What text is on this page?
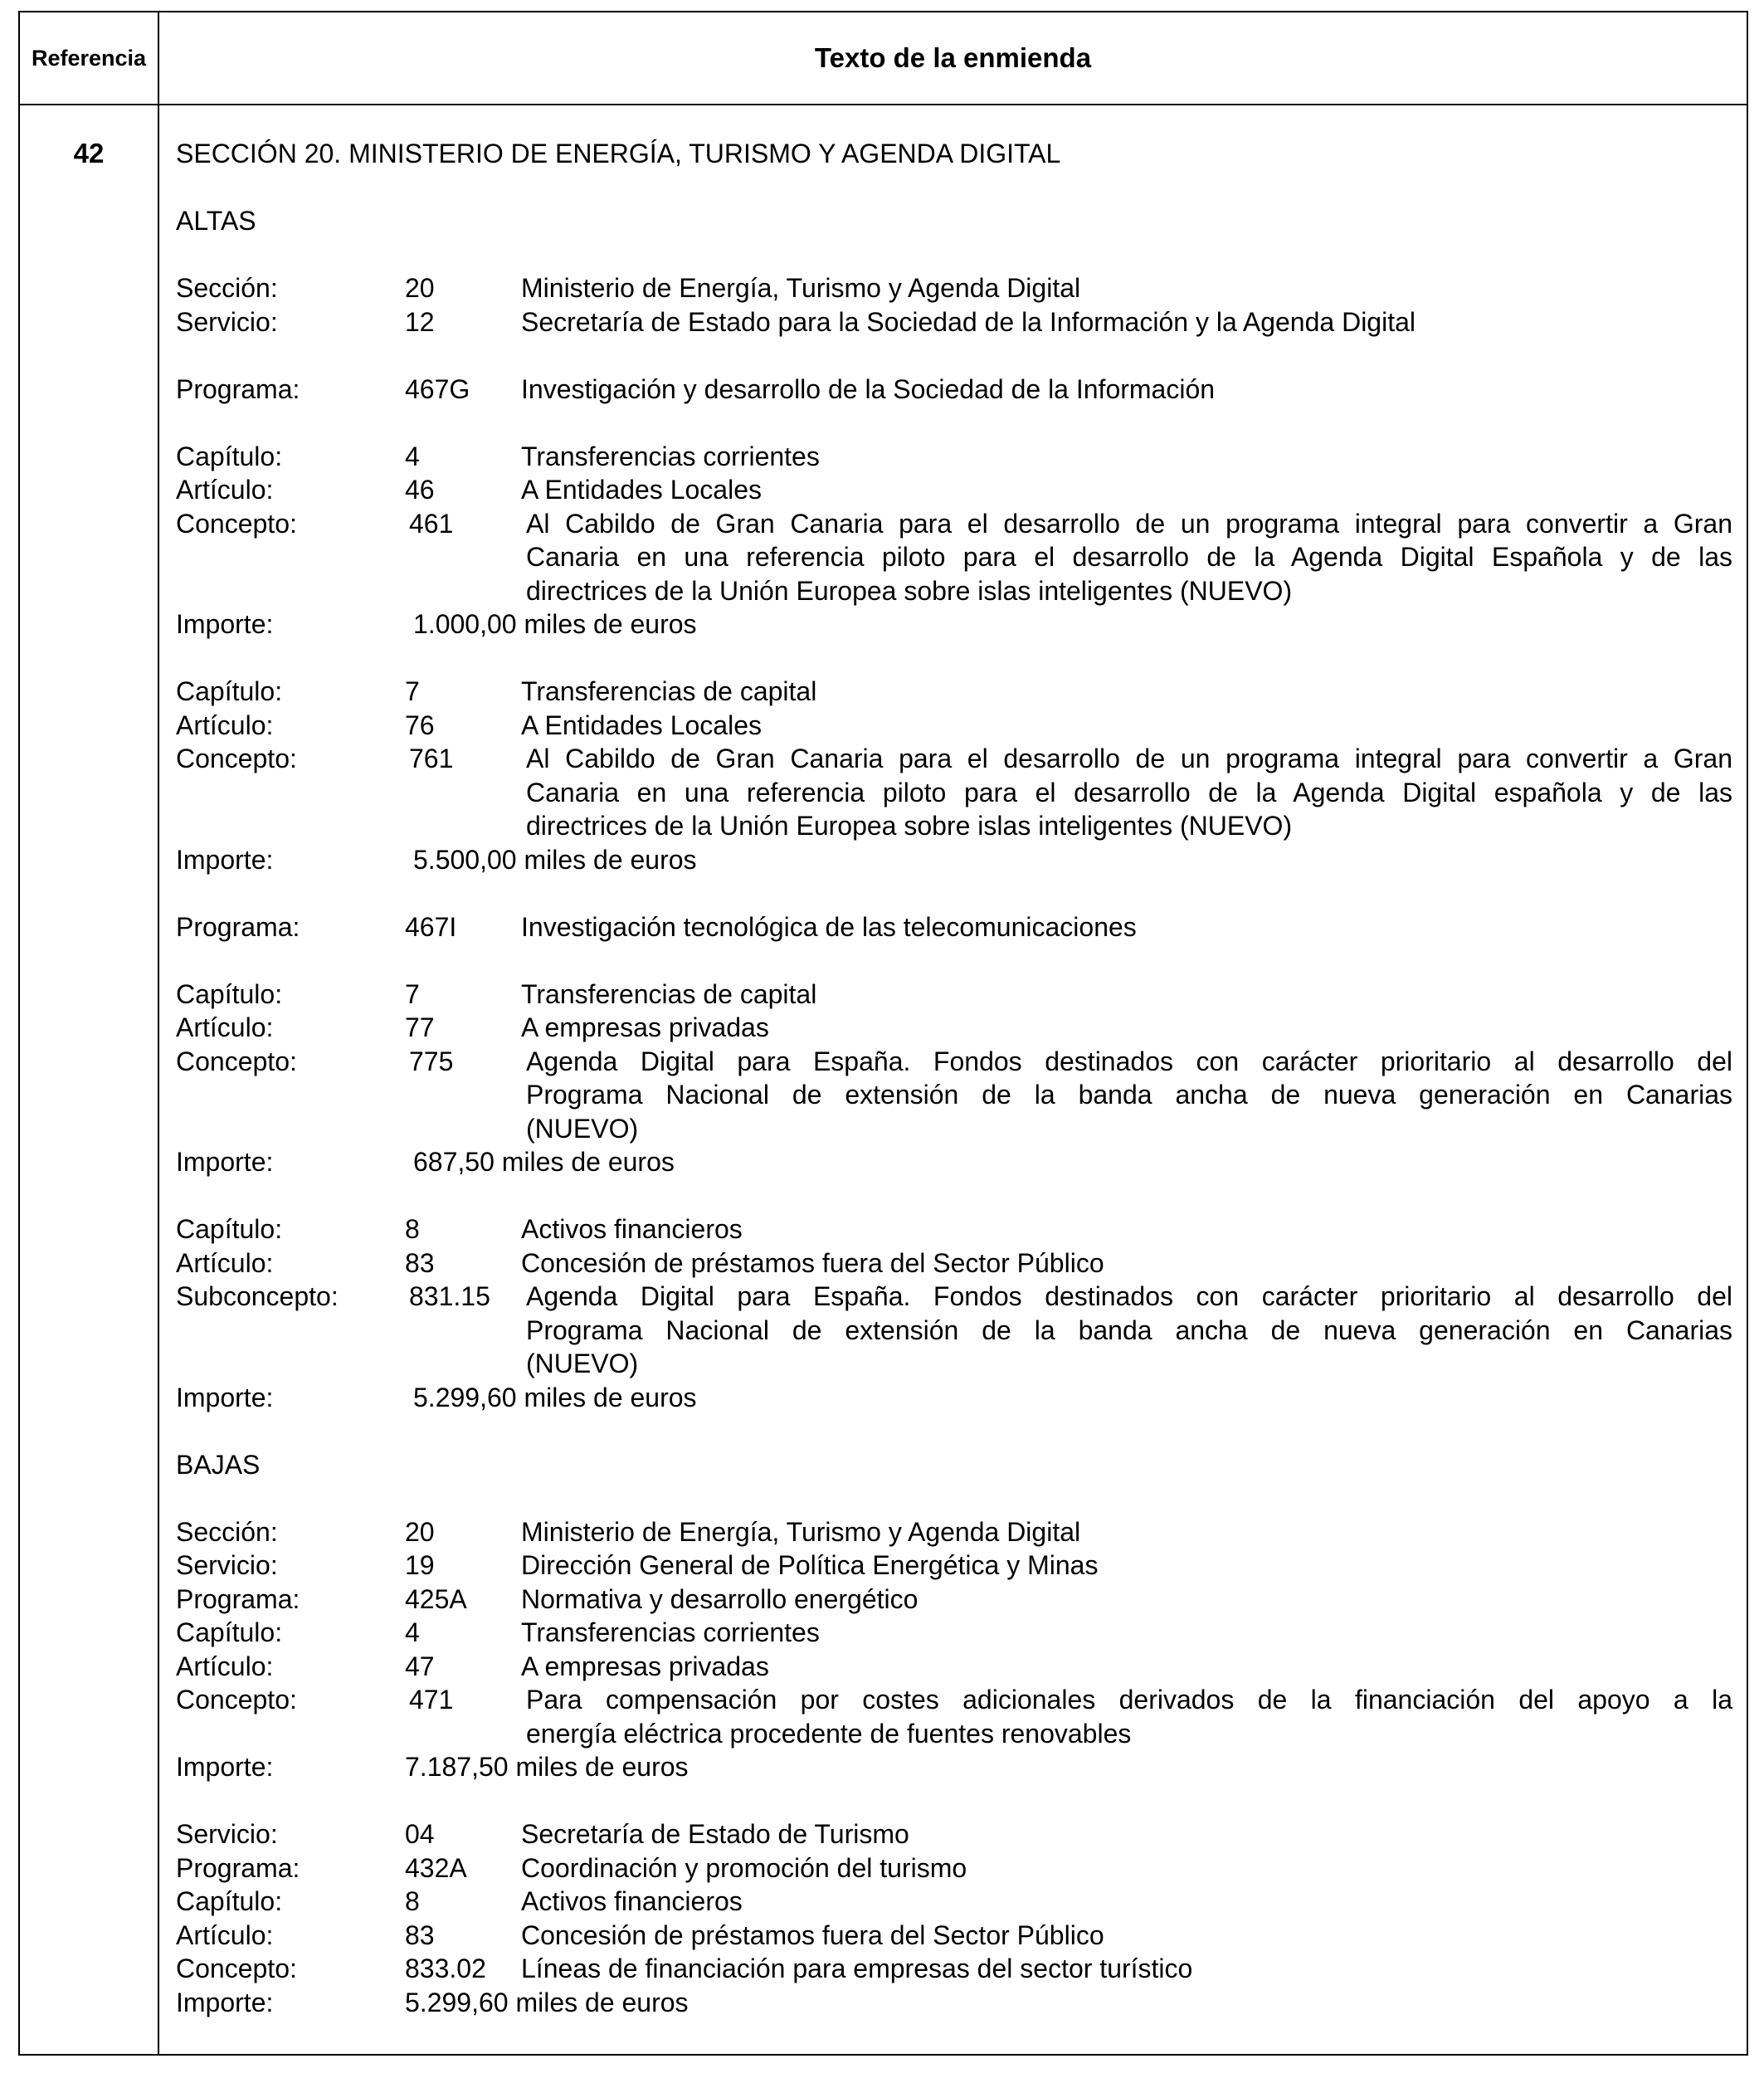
Referencia	Texto de la enmienda
42	SECCIÓN 20. MINISTERIO DE ENERGÍA, TURISMO Y AGENDA DIGITAL
ALTAS
Sección:	20	Ministerio de Energía, Turismo y Agenda Digital
Servicio:	12	Secretaría de Estado para la Sociedad de la Información y la Agenda Digital
Programa:	467G	Investigación y desarrollo de la Sociedad de la Información
Capítulo:	4	Transferencias corrientes
Artículo:	46	A Entidades Locales
Concepto:	461	Al Cabildo de Gran Canaria para el desarrollo de un programa integral para convertir a Gran
Canaria en una referencia piloto para el desarrollo de la Agenda Digital Española y de las
directrices de la Unión Europea sobre islas inteligentes (NUEVO)
Importe:	1.000,00 miles de euros
Capítulo:	7	Transferencias de capital
Artículo:	76	A Entidades Locales
Concepto:	761	Al Cabildo de Gran Canaria para el desarrollo de un programa integral para convertir a Gran
Canaria en una referencia piloto para el desarrollo de la Agenda Digital española y de las
directrices de la Unión Europea sobre islas inteligentes (NUEVO)
Importe:	5.500,00 miles de euros
Programa:	467I	Investigación tecnológica de las telecomunicaciones
Capítulo:	7	Transferencias de capital
Artículo:	77	A empresas privadas
Concepto:	775	Agenda Digital para España. Fondos destinados con carácter prioritario al desarrollo del
Programa Nacional de extensión de la banda ancha de nueva generación en Canarias
(NUEVO)
Importe:	687,50 miles de euros
Capítulo:	8	Activos financieros
Artículo:	83	Concesión de préstamos fuera del Sector Público
Subconcepto:	831.15	Agenda Digital para España. Fondos destinados con carácter prioritario al desarrollo del
Programa Nacional de extensión de la banda ancha de nueva generación en Canarias
(NUEVO)
Importe:	5.299,60 miles de euros
BAJAS
Sección:	20	Ministerio de Energía, Turismo y Agenda Digital
Servicio:	19	Dirección General de Política Energética y Minas
Programa:	425A	Normativa y desarrollo energético
Capítulo:	4	Transferencias corrientes
Artículo:	47	A empresas privadas
Concepto:	471	Para compensación por costes adicionales derivados de la financiación del apoyo a la
energía eléctrica procedente de fuentes renovables
Importe:	7.187,50 miles de euros
Servicio:	04	Secretaría de Estado de Turismo
Programa:	432A	Coordinación y promoción del turismo
Capítulo:	8	Activos financieros
Artículo:	83	Concesión de préstamos fuera del Sector Público
Concepto:	833.02	Líneas de financiación para empresas del sector turístico
Importe:	5.299,60 miles de euros
